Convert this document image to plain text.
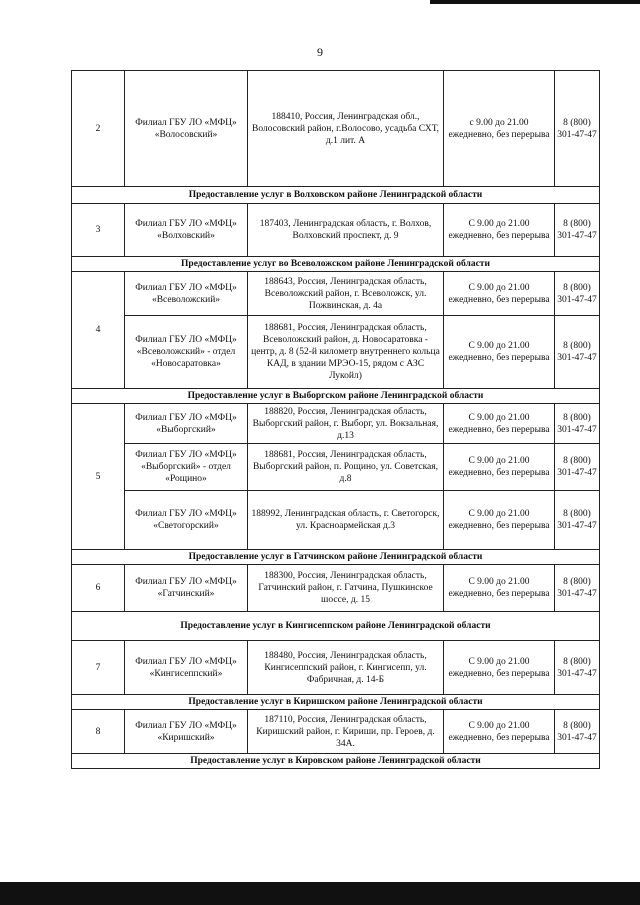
9
2	Филиал ГБУ ЛО «МФЦ» «Волосовский»	188410, Россия, Ленинградская обл., Волосовский район, г.Волосово, усадьба СХТ, д.1 лит. А	с 9.00 до 21.00 ежедневно, без перерыва	8 (800) 301-47-47
Предоставление услуг в Волховском районе Ленинградской области				
3	Филиал ГБУ ЛО «МФЦ» «Волховский»	187403, Ленинградская область, г. Волхов, Волховский проспект, д. 9	С 9.00 до 21.00 ежедневно, без перерыва	8 (800) 301-47-47
Предоставление услуг во Всеволожском районе Ленинградской области				
4	Филиал ГБУ ЛО «МФЦ» «Всеволожский»	188643, Россия, Ленинградская область, Всеволожский район, г. Всеволожск, ул. Пожвинская, д. 4а	С 9.00 до 21.00 ежедневно, без перерыва	8 (800) 301-47-47
	Филиал ГБУ ЛО «МФЦ» «Всеволожский» - отдел «Новосаратовка»	188681, Россия, Ленинградская область, Всеволожский район, д. Новосаратовка - центр, д. 8 (52-й километр внутреннего кольца КАД, в здании МРЭО-15, рядом с АЗС Лукойл)	С 9.00 до 21.00 ежедневно, без перерыва	8 (800) 301-47-47
Предоставление услуг в Выборгском районе Ленинградской области				
5	Филиал ГБУ ЛО «МФЦ» «Выборгский»	188820, Россия, Ленинградская область, Выборгский район, г. Выборг, ул. Вокзальная, д.13	С 9.00 до 21.00 ежедневно, без перерыва	8 (800) 301-47-47
	Филиал ГБУ ЛО «МФЦ» «Выборгский» - отдел «Рощино»	188681, Россия, Ленинградская область, Выборгский район, п. Рощино, ул. Советская, д.8	С 9.00 до 21.00 ежедневно, без перерыва	8 (800) 301-47-47
	Филиал ГБУ ЛО «МФЦ» «Светогорский»	188992, Ленинградская область, г. Светогорск, ул. Красноармейская д.3	С 9.00 до 21.00 ежедневно, без перерыва	8 (800) 301-47-47
Предоставление услуг в Гатчинском районе Ленинградской области				
6	Филиал ГБУ ЛО «МФЦ» «Гатчинский»	188300, Россия, Ленинградская область, Гатчинский район, г. Гатчина, Пушкинское шоссе, д. 15	С 9.00 до 21.00 ежедневно, без перерыва	8 (800) 301-47-47
Предоставление услуг в Кингисеппском районе Ленинградской области				
7	Филиал ГБУ ЛО «МФЦ» «Кингисеппский»	188480, Россия, Ленинградская область, Кингисеппский район, г. Кингисепп, ул. Фабричная, д. 14-Б	С 9.00 до 21.00 ежедневно, без перерыва	8 (800) 301-47-47
Предоставление услуг в Киришском районе Ленинградской области				
8	Филиал ГБУ ЛО «МФЦ» «Киришский»	187110, Россия, Ленинградская область, Киришский район, г. Кириши, пр. Героев, д. 34А.	С 9.00 до 21.00 ежедневно, без перерыва	8 (800) 301-47-47
Предоставление услуг в Кировском районе Ленинградской области				
